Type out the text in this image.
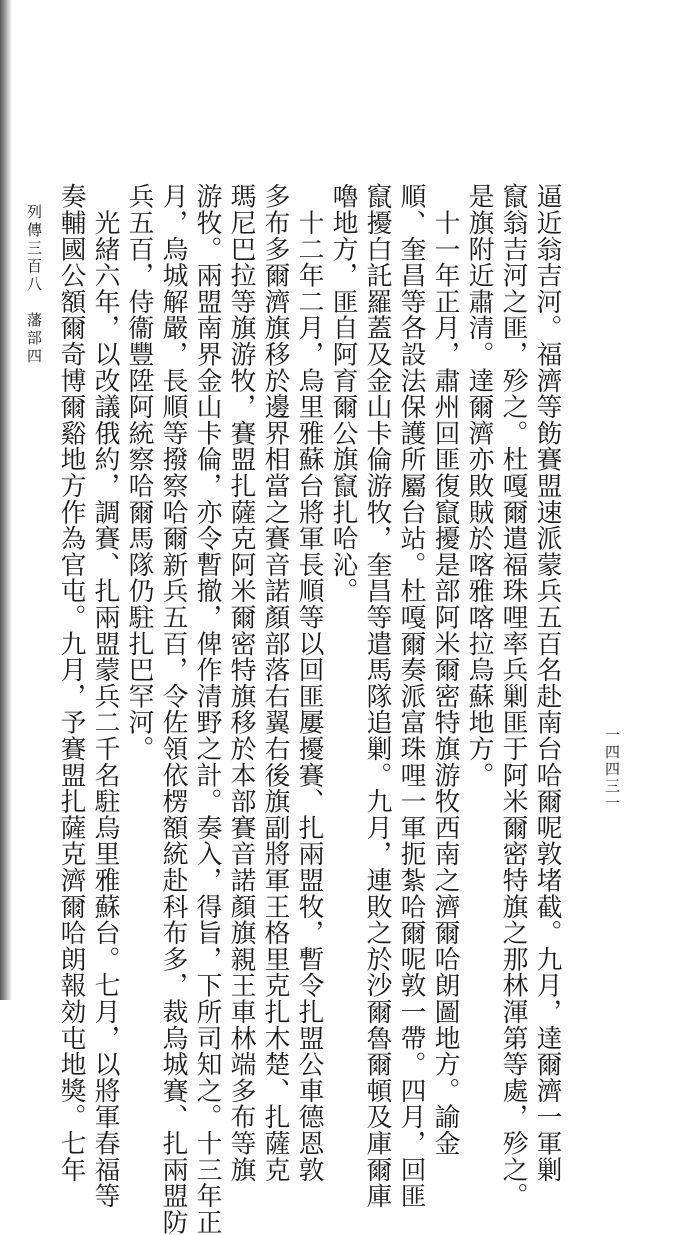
逼近翁吉河。福濟等飭賽盟速派蒙兵五百名赴南台哈爾呢敦堵截。九月，達爾濟一軍剿
竄翁吉河之匪，殄之。杜嘎爾遣福珠哩率兵剿匪于阿米爾密特旗之那林渾第等處，殄之。
是旗附近肅清。達爾濟亦敗賊於喀雅喀拉烏蘇地方。
　十一年正月，肅州回匪復竄擾是部阿米爾密特旗游牧西南之濟爾哈朗圖地方。諭金
順、奎昌等各設法保護所屬台站。杜嘎爾奏派富珠哩一軍扼紮哈爾呢敦一帶。四月，回匪
竄擾白託羅蓋及金山卡倫游牧，奎昌等遣馬隊追剿。九月，連敗之於沙爾魯爾頓及庫爾庫
嚕地方，匪自阿育爾公旗竄扎哈沁。
　十二年二月，烏里雅蘇台將軍長順等以回匪屢擾賽、扎兩盟牧，暫令扎盟公車德恩敦
多布多爾濟旗移於邊界相當之賽音諾顏部落右翼右後旗副將軍王格里克扎木楚、扎薩克
瑪尼巴拉等旗游牧，賽盟扎薩克阿米爾密特旗移於本部賽音諾顏旗親王車林端多布等旗
游牧。兩盟南界金山卡倫，亦令暫撤，俾作清野之計。奏入，得旨，下所司知之。十三年正
月，烏城解嚴，長順等撥察哈爾新兵五百，令佐領依楞額統赴科布多，裁烏城賽、扎兩盟防
兵五百，侍衞豐陞阿統察哈爾馬隊仍駐扎巴罕河。
　光緒六年，以改議俄約，調賽、扎兩盟蒙兵二千名駐烏里雅蘇台。七月，以將軍春福等
奏輔國公額爾奇博爾谿地方作為官屯。九月，予賽盟扎薩克濟爾哈朗報効屯地獎。七年
列傳三百八　藩部四
一四四三一
